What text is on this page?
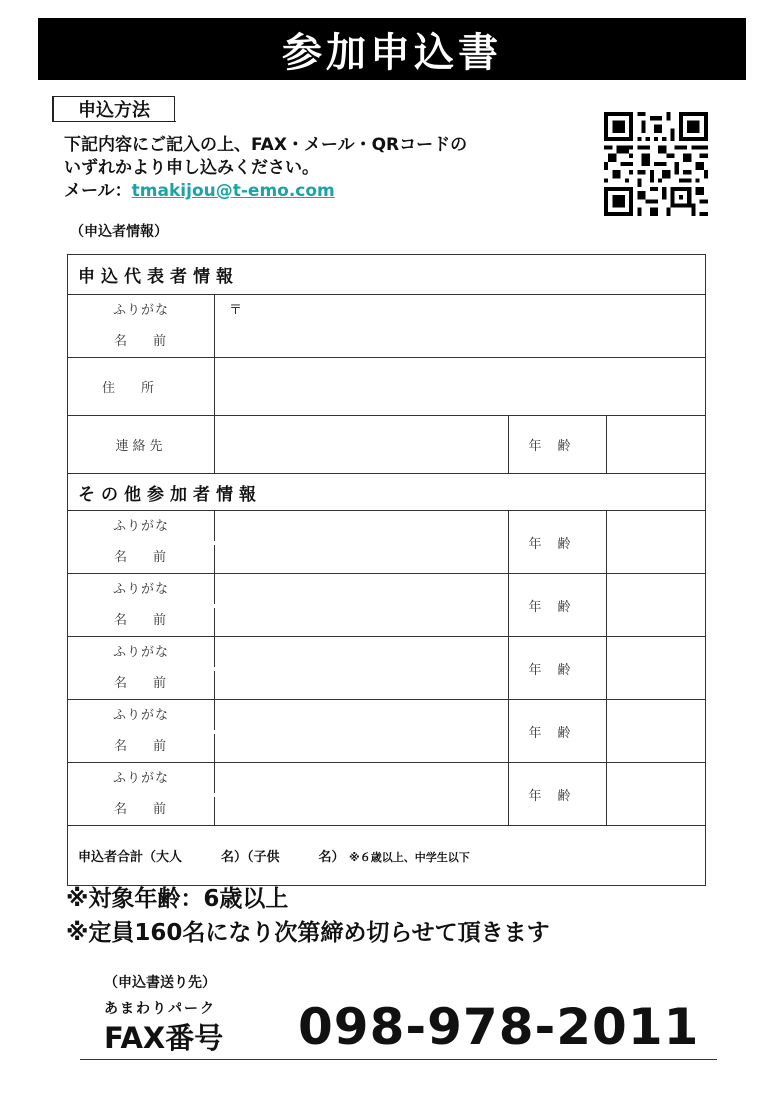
参加申込書
申込方法
下記内容にご記入の上、FAX・メール・QRコードの
いずれかより申し込みください。
メール：tmakijou@t-emo.com
（申込者情報）
申込代表者情報			

ふりがな
名前	〒		

住所			
連絡先		年齢	
その他参加者情報			

ふりがな
名前		年齢	

ふりがな
名前		年齢	

ふりがな
名前		年齢	

ふりがな
名前		年齢	

ふりがな
名前		年齢	
申込者合計（大人　　　名）（子供　　　名） ※６歳以上、中学生以下			
※対象年齢：6歳以上
※定員160名になり次第締め切らせて頂きます
（申込書送り先）
あまわりパーク
FAX番号 098-978-2011
